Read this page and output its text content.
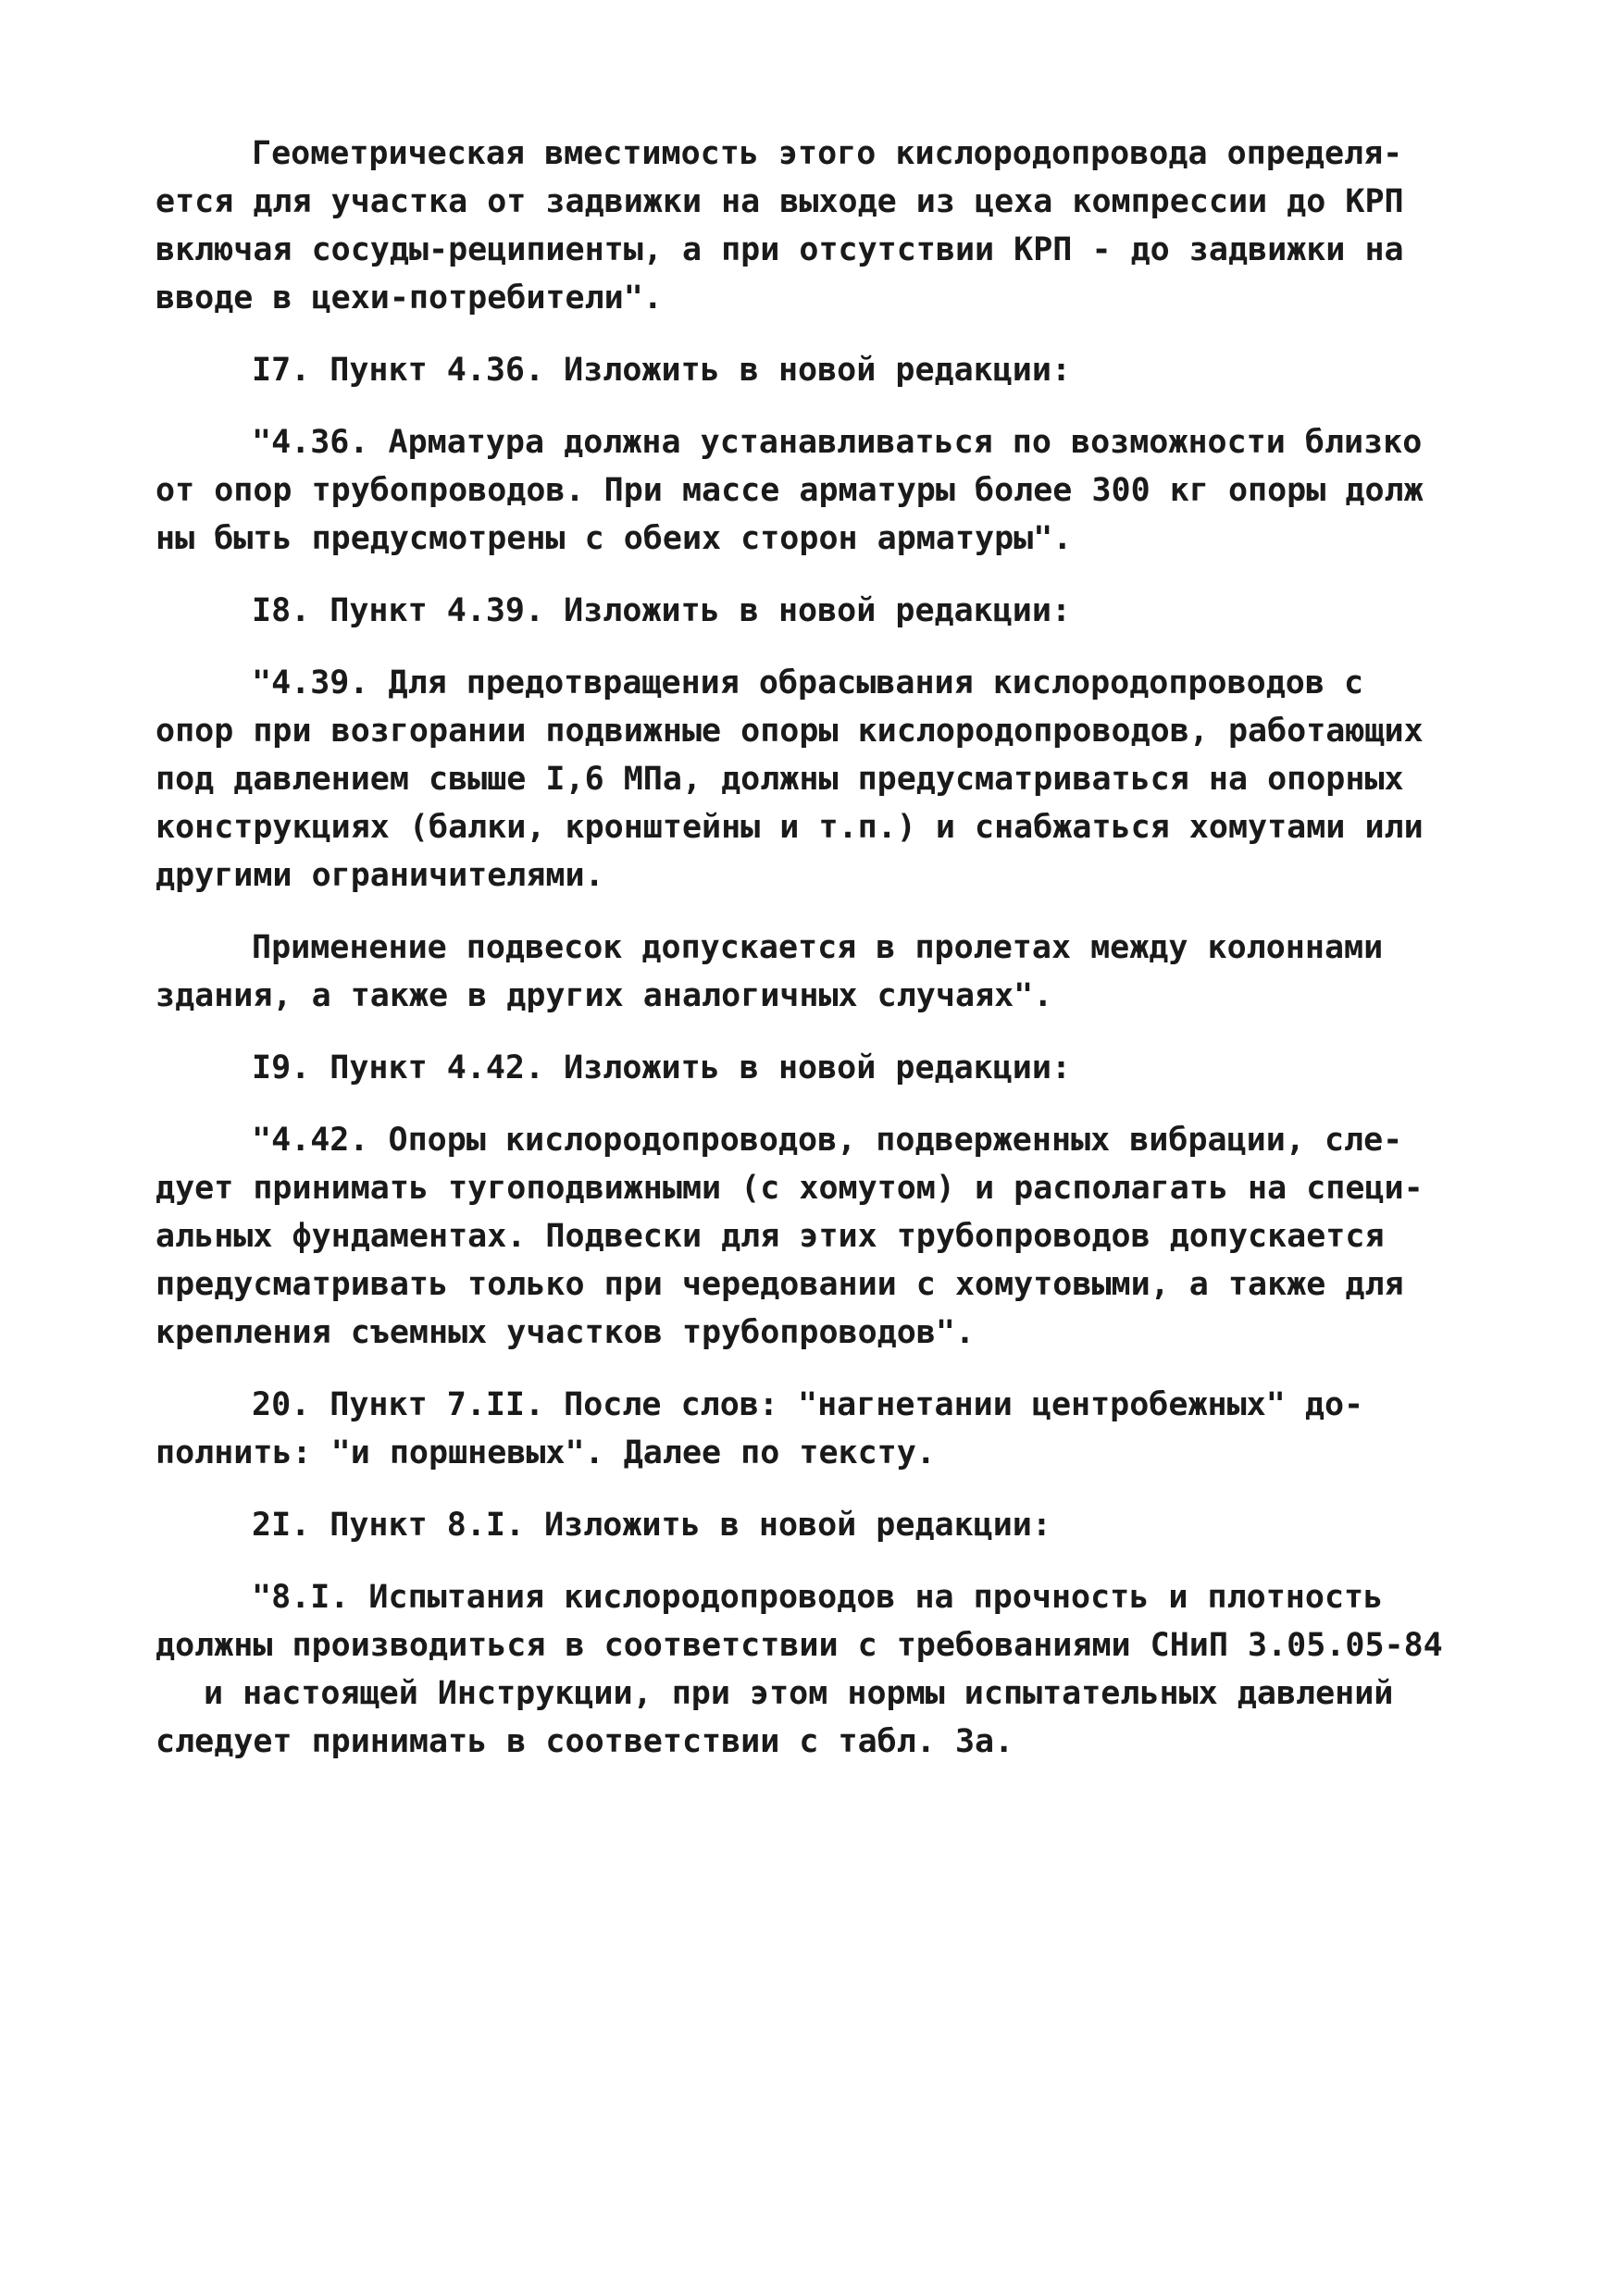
Геометрическая вместимость этого кислородопровода определя-
ется для участка от задвижки на выходе из цеха компрессии до КРП
включая сосуды-реципиенты, а при отсутствии КРП - до задвижки на
вводе в цехи-потребители".
I7. Пункт 4.36. Изложить в новой редакции:
"4.36. Арматура должна устанавливаться по возможности близко
от опор трубопроводов. При массе арматуры более 300 кг опоры долж
ны быть предусмотрены с обеих сторон арматуры".
I8. Пункт 4.39. Изложить в новой редакции:
"4.39. Для предотвращения обрасывания кислородопроводов с
опор при возгорании подвижные опоры кислородопроводов, работающих
под давлением свыше I,6 МПа, должны предусматриваться на опорных
конструкциях (балки, кронштейны и т.п.) и снабжаться хомутами или
другими ограничителями.
Применение подвесок допускается в пролетах между колоннами
здания, а также в других аналогичных случаях".
I9. Пункт 4.42. Изложить в новой редакции:
"4.42. Опоры кислородопроводов, подверженных вибрации, сле-
дует принимать тугоподвижными (с хомутом) и располагать на специ-
альных фундаментах. Подвески для этих трубопроводов допускается
предусматривать только при чередовании с хомутовыми, а также для
крепления съемных участков трубопроводов".
20. Пункт 7.II. После слов: "нагнетании центробежных" до-
полнить: "и поршневых". Далее по тексту.
2I. Пункт 8.I. Изложить в новой редакции:
"8.I. Испытания кислородопроводов на прочность и плотность
должны производиться в соответствии с требованиями СНиП 3.05.05-84
и настоящей Инструкции, при этом нормы испытательных давлений
следует принимать в соответствии с табл. 3а.
